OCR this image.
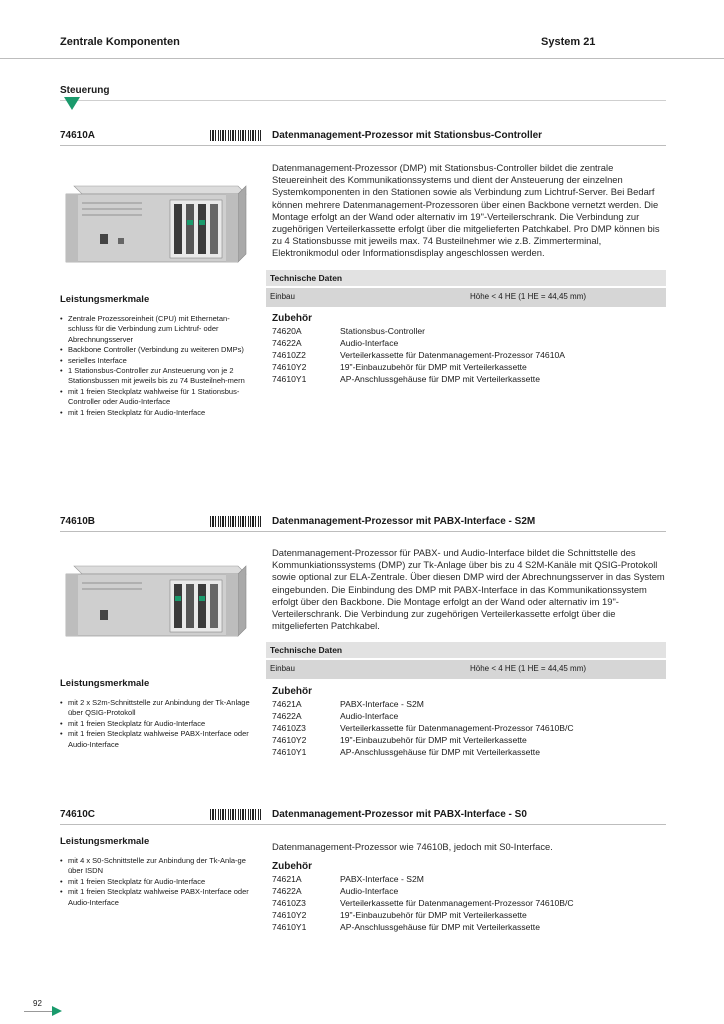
Zentrale Komponenten	System 21
Steuerung
74610A	Datenmanagement-Prozessor mit Stationsbus-Controller
Datenmanagement-Prozessor (DMP) mit Stationsbus-Controller bildet die zentrale Steuereinheit des Kommunikationssystems und dient der Ansteuerung der einzelnen Systemkomponenten in den Stationen sowie als Verbindung zum Lichtruf-Server. Bei Bedarf können mehrere Datenmanagement-Prozessoren über einen Backbone vernetzt werden. Die Montage erfolgt an der Wand oder alternativ im 19"-Verteilerschrank. Die Verbindung zur zugehörigen Verteilerkassette erfolgt über die mitgelieferten Patchkabel. Pro DMP können bis zu 4 Stationsbusse mit jeweils max. 74 Busteilnehmer wie z.B. Zimmerterminal, Elektronikmodul oder Informationsdisplay angeschlossen werden.
Technische Daten
Einbau	Höhe < 4 HE (1 HE = 44,45 mm)
Zubehör
74620A	Stationsbus-Controller
74622A	Audio-Interface
74610Z2	Verteilerkassette für Datenmanagement-Prozessor 74610A
74610Y2	19"-Einbauzubehör für DMP mit Verteilerkassette
74610Y1	AP-Anschlussgehäuse für DMP mit Verteilerkassette
Leistungsmerkmale
• Zentrale Prozessoreinheit (CPU) mit Ethernetan-schluss für die Verbindung zum Lichtruf- oder Abrechnungsserver
• Backbone Controller (Verbindung zu weiteren DMPs)
• serielles Interface
• 1 Stationsbus-Controller zur Ansteuerung von je 2 Stationsbussen mit jeweils bis zu 74 Busteilneh-mern
• mit 1 freien Steckplatz wahlweise für 1 Stationsbus-Controller oder Audio-Interface
• mit 1 freien Steckplatz für Audio-Interface
74610B	Datenmanagement-Prozessor mit PABX-Interface - S2M
Datenmanagement-Prozessor für PABX- und Audio-Interface bildet die Schnittstelle des Kommunkiationssystems (DMP) zur Tk-Anlage über bis zu 4 S2M-Kanäle mit QSIG-Protokoll sowie optional zur ELA-Zentrale. Über diesen DMP wird der Abrechnungsserver in das System eingebunden. Die Einbindung des DMP mit PABX-Interface in das Kommunikationssystem erfolgt über den Backbone. Die Montage erfolgt an der Wand oder alternativ im 19"-Verteilerschrank. Die Verbindung zur zugehörigen Verteilerkassette erfolgt über die mitgelieferten Patchkabel.
Technische Daten
Einbau	Höhe < 4 HE (1 HE = 44,45 mm)
Zubehör
74621A	PABX-Interface - S2M
74622A	Audio-Interface
74610Z3	Verteilerkassette für Datenmanagement-Prozessor 74610B/C
74610Y2	19"-Einbauzubehör für DMP mit Verteilerkassette
74610Y1	AP-Anschlussgehäuse für DMP mit Verteilerkassette
Leistungsmerkmale
• mit 2 x S2m-Schnittstelle zur Anbindung der Tk-Anlage über QSIG-Protokoll
• mit 1 freien Steckplatz für Audio-Interface
• mit 1 freien Steckplatz wahlweise PABX-Interface oder Audio-Interface
74610C	Datenmanagement-Prozessor mit PABX-Interface - S0
Datenmanagement-Prozessor wie 74610B, jedoch mit S0-Interface.
Zubehör
74621A	PABX-Interface - S2M
74622A	Audio-Interface
74610Z3	Verteilerkassette für Datenmanagement-Prozessor 74610B/C
74610Y2	19"-Einbauzubehör für DMP mit Verteilerkassette
74610Y1	AP-Anschlussgehäuse für DMP mit Verteilerkassette
Leistungsmerkmale
• mit 4 x S0-Schnittstelle zur Anbindung der Tk-Anla-ge über ISDN
• mit 1 freien Steckplatz für Audio-Interface
• mit 1 freien Steckplatz wahlweise PABX-Interface oder Audio-Interface
92
